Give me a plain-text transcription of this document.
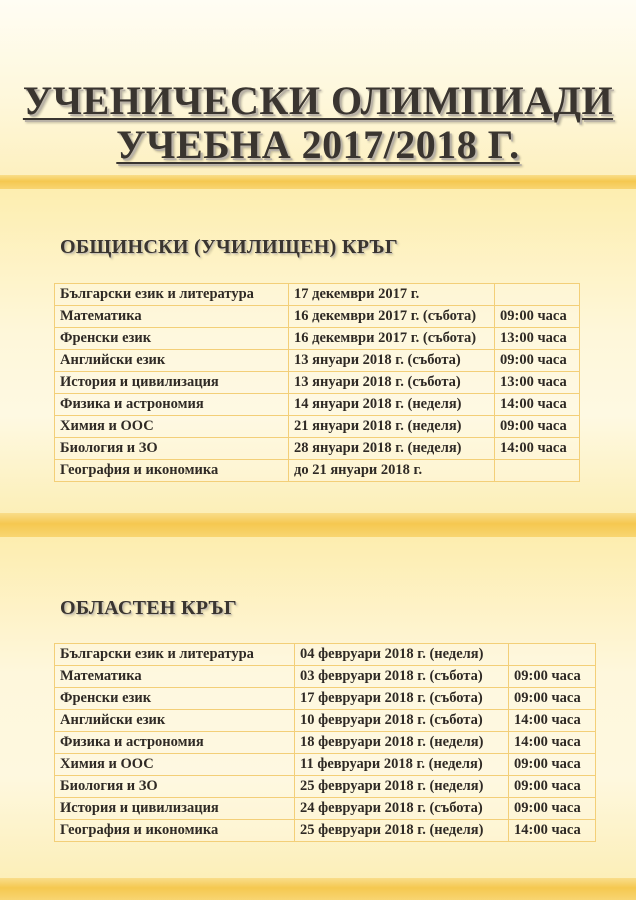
УЧЕНИЧЕСКИ ОЛИМПИАДИ
УЧЕБНА 2017/2018 Г.
ОБЩИНСКИ (УЧИЛИЩЕН) КРЪГ
Български език и литература	17 декември 2017 г.	
Математика	16 декември 2017 г. (събота)	09:00 часа
Френски език	16 декември 2017 г. (събота)	13:00 часа
Английски език	13 януари 2018 г. (събота)	09:00 часа
История и цивилизация	13 януари 2018 г. (събота)	13:00 часа
Физика и астрономия	14 януари 2018 г. (неделя)	14:00 часа
Химия и ООС	21 януари 2018 г. (неделя)	09:00 часа
Биология и ЗО	28 януари 2018 г. (неделя)	14:00 часа
География и икономика	до 21 януари 2018 г.	
ОБЛАСТЕН КРЪГ
Български език и литература	04 февруари 2018 г. (неделя)	
Математика	03 февруари 2018 г. (събота)	09:00 часа
Френски език	17 февруари 2018 г. (събота)	09:00 часа
Английски език	10 февруари 2018 г. (събота)	14:00 часа
Физика и астрономия	18 февруари 2018 г. (неделя)	14:00 часа
Химия и ООС	11 февруари 2018 г. (неделя)	09:00 часа
Биология и ЗО	25 февруари 2018 г. (неделя)	09:00 часа
История и цивилизация	24 февруари 2018 г. (събота)	09:00 часа
География и икономика	25 февруари 2018 г. (неделя)	14:00 часа
